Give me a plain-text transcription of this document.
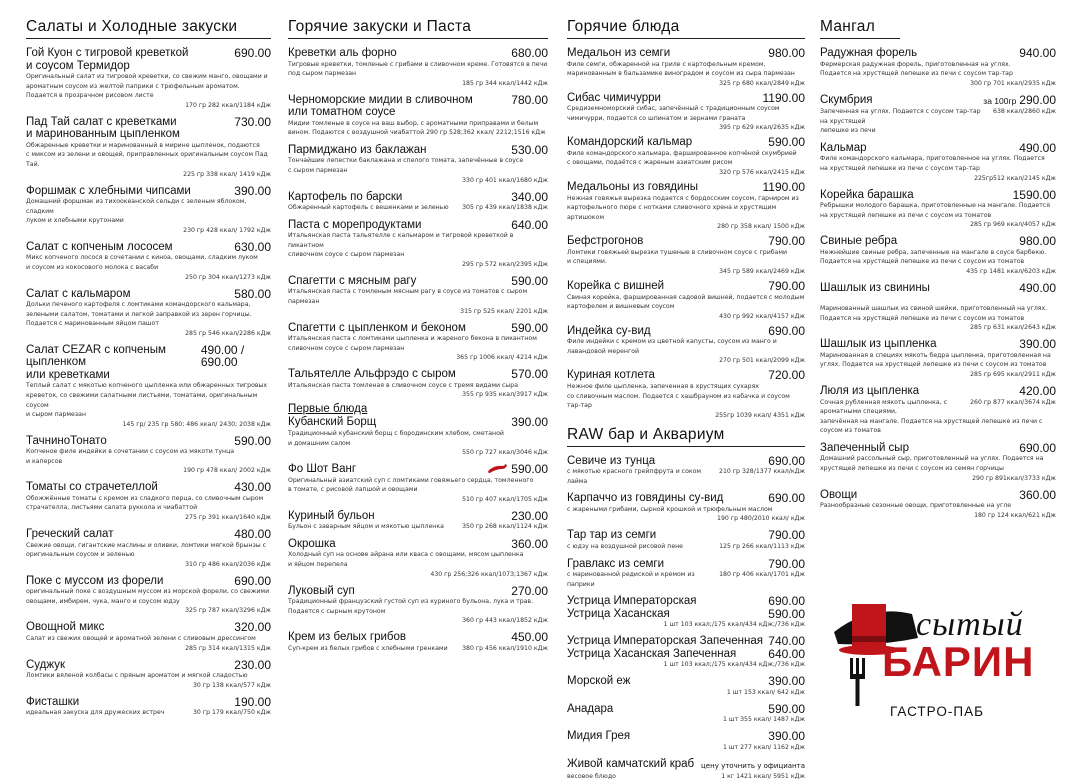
Салаты и Холодные закуски
Гой Куон с тигровой креветкой
и соусом Термидор
690.00
Оригинальный салат из тигровой креветки, со свежим манго, овощами и
ароматным соусом из желтой паприки с трюфельным ароматом.
Подается в прозрачном рисовом листе
170 гр 282 ккал/1184 кДж
Пад Тай салат с креветками
и маринованным цыпленком
730.00
Обжаренные креветки и маринованный в мирине цыпленок, подаются
с миксом из зелени и овощей, приправленных оригинальным соусом Пад Тай.
225 гр 338 ккал/ 1419 кДж
Форшмак с хлебными чипсами	390.00
Домашний форшмак из тихоокеанской сельди с зеленым яблоком, сладким
луком и хлебными крутонами
230 гр 428 ккал/ 1792 кДж
Салат с копченым лососем	630.00
Микс копченого лосося в сочетании с киноа, овощами, сладким луком
и соусом из кокосового молока с васаби
250 гр 304 ккал/1273 кДж
Салат с кальмаром	580.00
Дольки печеного картофеля с ломтиками командорского кальмара,
зелеными салатом, томатами и легкой заправкой из зерен горчицы.
Подается с маринованным яйцом пашот
285 гр 546 ккал/2286 кДж
Салат CEZAR с копченым цыпленком
или креветками
490.00 / 690.00
Теплый салат с мякотью копченого цыпленка или обжаренных тигровых
креветок, со свежими салатными листьями, томатами, оригинальным соусом
и сыром пармезан
145 гр/ 235 гр 580; 486 ккал/ 2430; 2038 кДж
ТачниноТонато	590.00
Копченое филе индейки в сочетании с соусом из мякоти тунца
и каперсов
190 гр 478 ккал/ 2002 кДж
Томаты со страчетеллой	430.00
Обожжённые томаты с кремом из сладкого перца, со сливочным сыром
страчателла, листьями салата руккола и чиабаттой
275 гр 391 ккал/1640 кДж
Греческий салат	480.00
Свежие овощи, гигантские маслины и оливки, ломтики мягкой брынзы с
оригинальным соусом и зеленью
310 гр 486 ккал/2036 кДж
Поке с муссом из форели	690.00
оригинальный поке с воздушным муссом из морской форели, со свежими
овощами, имбирем, чука, манго и соусом юдзу
325 гр 787 ккал/3296 кДж
Овощной микс	320.00
Салат из свежих овощей и ароматной зелени с сливовым дрессингом
285 гр 314 ккал/1315 кДж
Суджук	230.00
Ломтики вяленой колбасы с пряным ароматом и мягкой сладостью
30 гр 138 ккал/577 кДж
Фисташки	190.00
30 гр 179 ккал/750 кДж
идеальная закуска для дружеских встреч
Горячие закуски и Паста
Креветки аль форно	680.00
Тигровые креветки, томленые с грибами в сливочном креме. Готовятся в печи
под сыром пармезан
185 гр 344 ккал/1442 кДж
Черноморские мидии в сливочном
или томатном соусе
780.00
Мидии томленые в соусе на ваш выбор, с ароматными приправами и белым
вином. Подаются с воздушной чиабаттой 290 гр 528;362 ккал/ 2212;1516 кДж
Пармиджано из баклажан	530.00
Тончайшие лепестки баклажана и спелого томата, запечённые в соусе
с сыром пармезан
330 гр 401 ккал/1680 кДж
Картофель по барски	340.00
305 гр 439 ккал/1838 кДж
Обжаренный картофель с вешенками и зеленью
Паста с морепродуктами	640.00
Итальянская паста тальятелле с кальмаром и тигровой креветкой в пикантном
сливочном соусе с сыром пармезан
295 гр 572 ккал/2395 кДж
Спагетти с мясным рагу	590.00
Итальянская паста с томленым мясным рагу в соусе из томатов с сыром пармезан
315 гр 525 ккал/ 2201 кДж
Спагетти с цыпленком и беконом	590.00
Итальянская паста с ломтиками цыпленка и жареного бекона в пикантном
сливочном соусе с сыром пармезан
365 гр 1006 ккал/ 4214 кДж
Тальятелле Альфрэдо с сыром	570.00
Итальянская паста томленая в сливочном соусе с тремя видами сыра
355 гр 935 ккал/3917 кДж
Первые блюда
Кубанский Борщ	390.00
Традиционный кубанский борщ с бородинским хлебом, сметаной
и домашним салом
550 гр 727 ккал/3046 кДж
Фо Шот Ванг	590.00
Оригинальный азиатский суп с ломтиками говяжьего сердца, томленного
в томате, с рисовой лапшой и овощами
510 гр 407 ккал/1705 кДж
Куриный бульон	230.00
350 гр 268 ккал/1124 кДж
Бульон с заварным яйцом и мякотью цыпленка
Окрошка	360.00
Холодный суп на основе айрана или кваса с овощами, мясом цыпленка
и яйцом перепела
430 гр 256;326 ккал/1073;1367 кДж
Луковый суп	270.00
Традиционный французский густой суп из куриного бульона, лука и трав.
Подается с сырным крутоном
360 гр 443 ккал/1852 кДж
Крем из белых грибов	450.00
380 гр 456 ккал/1910 кДж
Суп-крем из белых грибов с хлебными гренками
Горячие блюда
Медальон из семги	980.00
Филе семги, обжаренной на гриле с картофельным кремом,
маринованным в бальзамике виноградом и соусом из сыра пармезан
325 гр 680 ккал/2849 кДж
Сибас чимичурри	1190.00
Средиземноморский сибас, запечённый с традиционным соусом
чимичурри, подается со шпинатом и зернами граната
395 гр 629 ккал/2635 кДж
Командорский кальмар	590.00
Филе командорского кальмара, фаршированное копчёной скумбрией
с овощами, подаётся с жареным азиатским рисом
320 гр 576 ккал/2415 кДж
Медальоны из говядины	1190.00
Нежная говяжья вырезка подается с бордосским соусом, гарниром из
картофельного пюре с нотками сливочного хрена и хрустящим артишоком
280 гр 358 ккал/ 1500 кДж
Бефстрогонов	790.00
Ломтики говяжьей вырезки тушеные в сливочном соусе с грибами
и специями.
345 гр 589 ккал/2469 кДж
Корейка с вишней	790.00
Свиная корейка, фаршированная садовой вишней, подается с молодым
картофелем и вишневым соусом
430 гр 992 ккал/4157 кДж
Индейка су-вид	690.00
Филе индейки с кремом из цветной капусты, соусом из манго и
лавандовой меренгой
270 гр 501 ккал/2099 кДж
Куриная котлета	720.00
Нежное филе цыпленка, запеченная в хрустящих сухарях
со сливочным маслом. Подается с хашбрауном из кабачка и соусом тар-тар
255гр 1039 ккал/ 4351 кДж
RAW бар и Аквариум
Севиче из тунца	690.00
210 гр 328/1377 ккал/кДж
с мякотью красного грейпфрута и соком лайма
Карпаччо из говядины су-вид	690.00
с жареными грибами, сырной крошкой и трюфельным маслом
190 гр 480/2010 ккал/ кДж
Тар тар из семги	790.00
125 гр 266 ккал/1113 кДж
с юдзу на воздушной рисовой пене
Гравлакс из семги	790.00
180 гр 406 ккал/1701 кДж
с маринованной редиской и кремом из паприки
Устрица Императорская
Устрица Хасанская
690.00
590.00
1 шт 103 ккал;/175 ккал/434 кДж;/736 кДж
Устрица Императорская Запеченная
Устрица Хасанская Запеченная
740.00
640.00
1 шт 103 ккал;/175 ккал/434 кДж;/736 кДж
Морской еж	390.00
1 шт 153 ккал/ 642 кДж
Анадара	590.00
1 шт 355 ккал/ 1487 кДж
Мидия Грея	390.00
1 шт 277 ккал/ 1162 кДж
Живой камчатский краб цену уточнить у официанта
1 кг 1421 ккал/ 5951 кДж
весовое блюдо
Мангал
Радужная форель	940.00
Фермерская радужная форель, приготовленная на углях.
Подается на хрустящей лепешке из печи с соусом тар-тар
300 гр 701 ккал/2935 кДж
Скумбрия	за 100гр 290.00
638 ккал/2860 кДж
Запеченная на углях. Подается с соусом тар-тар на хрустящей
лепешке из печи
Кальмар	490.00
Филе командорского кальмара, приготовленное на углях. Подается
на хрустящей лепешке из печи с соусом тар-тар
225гр512 ккал/2145 кДж
Корейка барашка	1590.00
Ребрышки молодого барашка, приготовленные на мангале. Подается
на хрустящей лепешке из печи с соусом из томатов
285 гр 969 ккал/4057 кДж
Свиные ребра	980.00
Нежнейшие свиные ребра, запеченные на мангале в соусе барбекю.
Подается на хрустящей лепешке из печи с соусом из томатов
435 гр 1481 ккал/6203 кДж
Шашлык из свинины	490.00

Маринованный шашлык из свиной шейки, приготовленный на углях.
Подается на хрустящей лепешке из печи с соусом из томатов
285 гр 631 ккал/2643 кДж
Шашлык из цыпленка	390.00
Маринованная в специях мякоть бедра цыпленка, приготовленная на
углях. Подается на хрустящей лепешке из печи с соусом из томатов
285 гр 695 ккал/2911 кДж
Люля из цыпленка	420.00
260 гр 877 ккал/3674 кДж
Сочная рубленная мякоть цыпленка, с ароматными специями,
запечённая на мангале. Подается на хрустящей лепешке из печи с
соусом из томатов
Запеченный сыр	690.00
Домашний рассольный сыр, приготовленный на углях. Подается на
хрустящей лепешке из печи с соусом из семян горчицы
290 гр 891ккал/3733 кДж
Овощи	360.00
Разнообразные сезонные овощи, приготовленные на угле
180 гр 124 ккал/621 кДж
сытый
БАРИН
ГАСТРО-ПАБ
